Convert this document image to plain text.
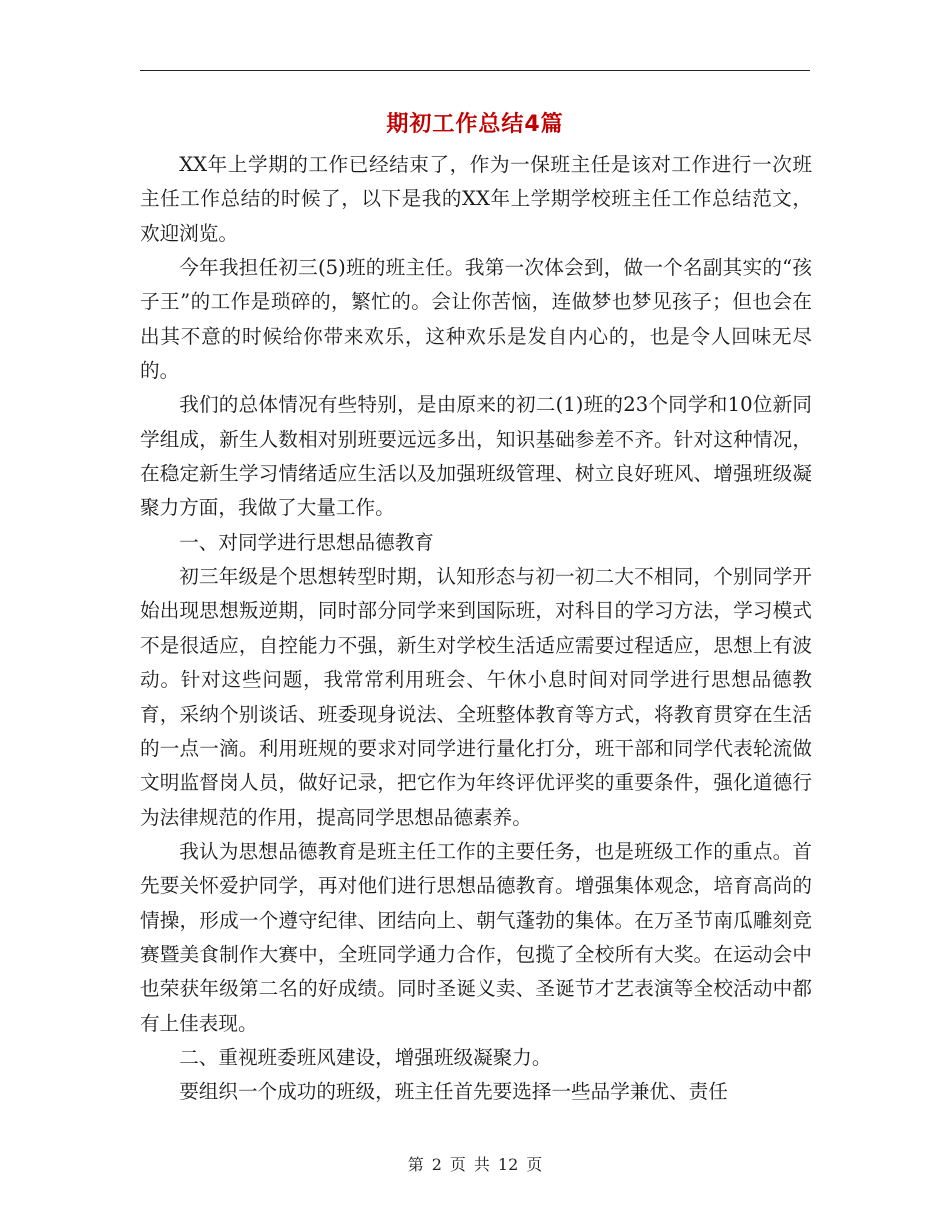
期初工作总结4篇

XX年上学期的工作已经结束了，作为一保班主任是该对工作进行一次班主任工作总结的时候了，以下是我的XX年上学期学校班主任工作总结范文，欢迎浏览。

今年我担任初三(5)班的班主任。我第一次体会到，做一个名副其实的“孩子王”的工作是琐碎的，繁忙的。会让你苦恼，连做梦也梦见孩子；但也会在出其不意的时候给你带来欢乐，这种欢乐是发自内心的，也是令人回味无尽的。

我们的总体情况有些特别，是由原来的初二(1)班的23个同学和10位新同学组成，新生人数相对别班要远远多出，知识基础参差不齐。针对这种情况，在稳定新生学习情绪适应生活以及加强班级管理、树立良好班风、增强班级凝聚力方面，我做了大量工作。

一、对同学进行思想品德教育

初三年级是个思想转型时期，认知形态与初一初二大不相同，个别同学开始出现思想叛逆期，同时部分同学来到国际班，对科目的学习方法，学习模式不是很适应，自控能力不强，新生对学校生活适应需要过程适应，思想上有波动。针对这些问题，我常常利用班会、午休小息时间对同学进行思想品德教育，采纳个别谈话、班委现身说法、全班整体教育等方式，将教育贯穿在生活的一点一滴。利用班规的要求对同学进行量化打分，班干部和同学代表轮流做文明监督岗人员，做好记录，把它作为年终评优评奖的重要条件，强化道德行为法律规范的作用，提高同学思想品德素养。

我认为思想品德教育是班主任工作的主要任务，也是班级工作的重点。首先要关怀爱护同学，再对他们进行思想品德教育。增强集体观念，培育高尚的情操，形成一个遵守纪律、团结向上、朝气蓬勃的集体。在万圣节南瓜雕刻竞赛暨美食制作大赛中，全班同学通力合作，包揽了全校所有大奖。在运动会中也荣获年级第二名的好成绩。同时圣诞义卖、圣诞节才艺表演等全校活动中都有上佳表现。

二、重视班委班风建设，增强班级凝聚力。

要组织一个成功的班级，班主任首先要选择一些品学兼优、责任

第 2 页 共 12 页
